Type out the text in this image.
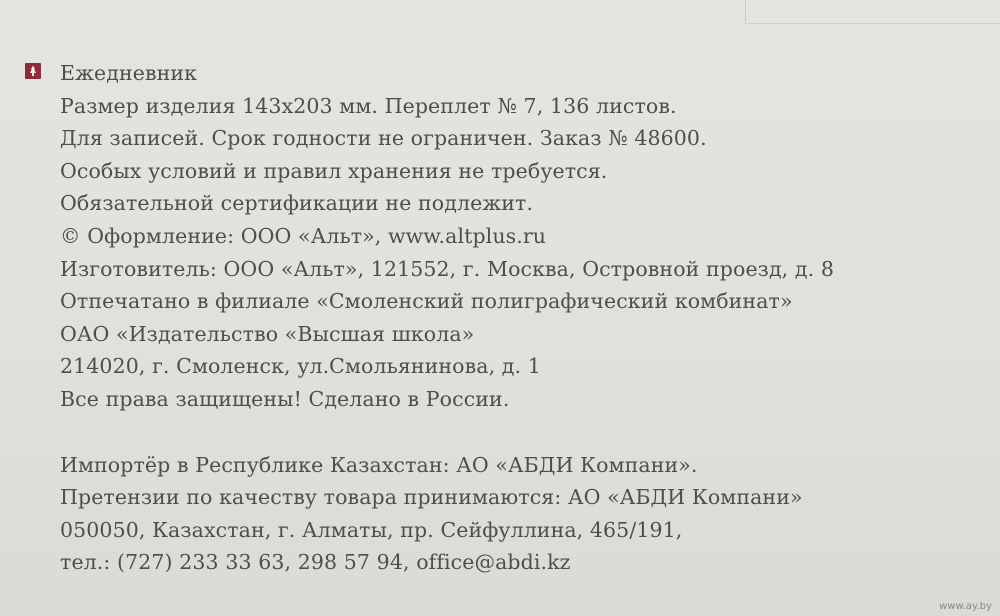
Ежедневник
Размер изделия 143х203 мм. Переплет № 7, 136 листов.
Для записей. Срок годности не ограничен. Заказ № 48600.
Особых условий и правил хранения не требуется.
Обязательной сертификации не подлежит.
© Оформление: ООО «Альт», www.altplus.ru
Изготовитель: ООО «Альт», 121552, г. Москва, Островной проезд, д. 8
Отпечатано в филиале «Смоленский полиграфический комбинат»
ОАО «Издательство «Высшая школа»
214020, г. Смоленск, ул.Смольянинова, д. 1
Все права защищены! Сделано в России.
Импортёр в Республике Казахстан: АО «АБДИ Компани».
Претензии по качеству товара принимаются: АО «АБДИ Компани»
050050, Казахстан, г. Алматы, пр. Сейфуллина, 465/191,
тел.: (727) 233 33 63, 298 57 94, office@abdi.kz
www.ay.by
